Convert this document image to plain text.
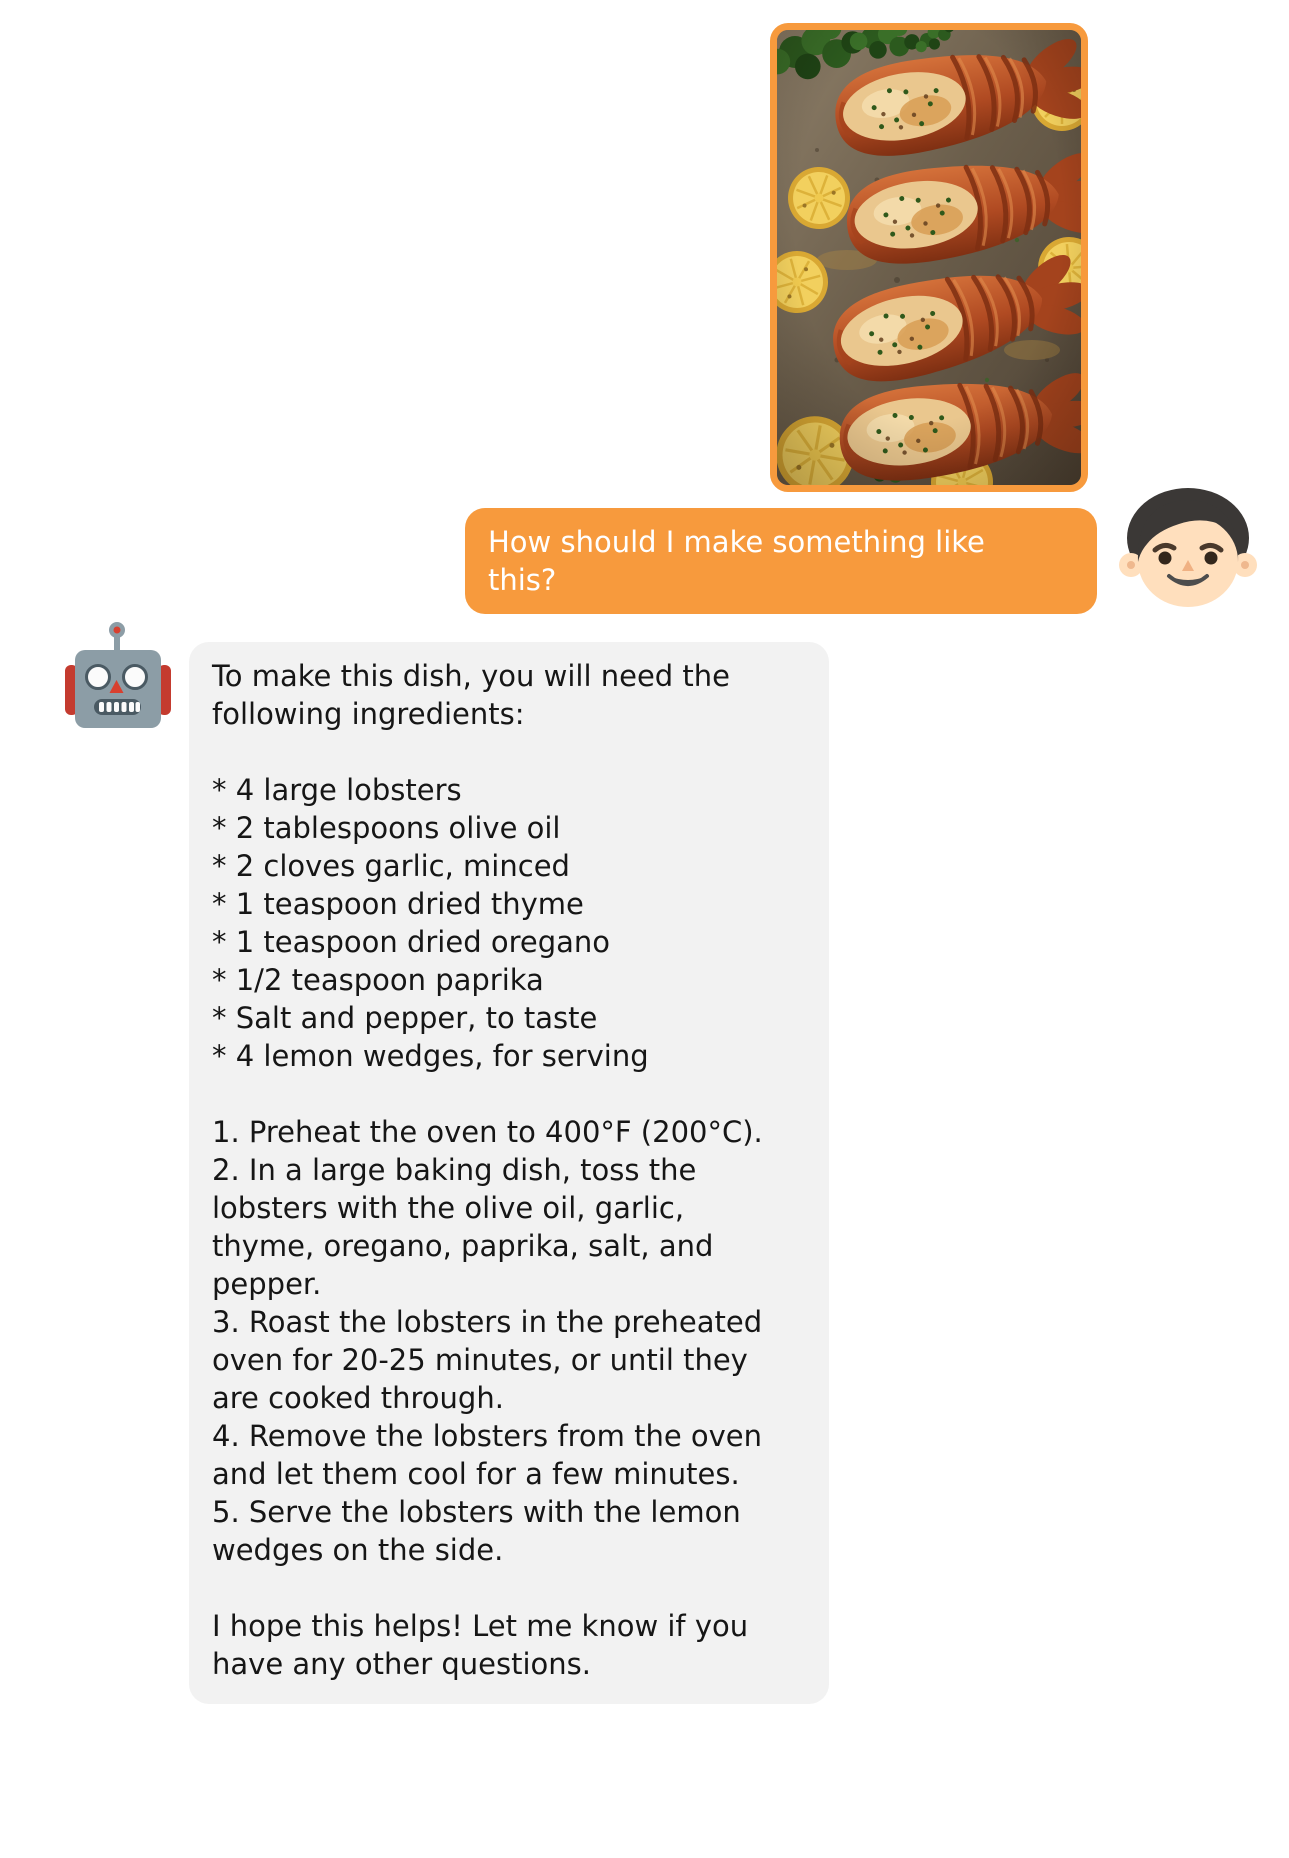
How should I make something like this?

To make this dish, you will need the following ingredients:

* 4 large lobsters
* 2 tablespoons olive oil
* 2 cloves garlic, minced
* 1 teaspoon dried thyme
* 1 teaspoon dried oregano
* 1/2 teaspoon paprika
* Salt and pepper, to taste
* 4 lemon wedges, for serving
1. Preheat the oven to 400°F (200°C).
2. In a large baking dish, toss the lobsters with the olive oil, garlic, thyme, oregano, paprika, salt, and pepper.
3. Roast the lobsters in the preheated oven for 20-25 minutes, or until they are cooked through.
4. Remove the lobsters from the oven and let them cool for a few minutes.
5. Serve the lobsters with the lemon wedges on the side.

I hope this helps! Let me know if you have any other questions.
